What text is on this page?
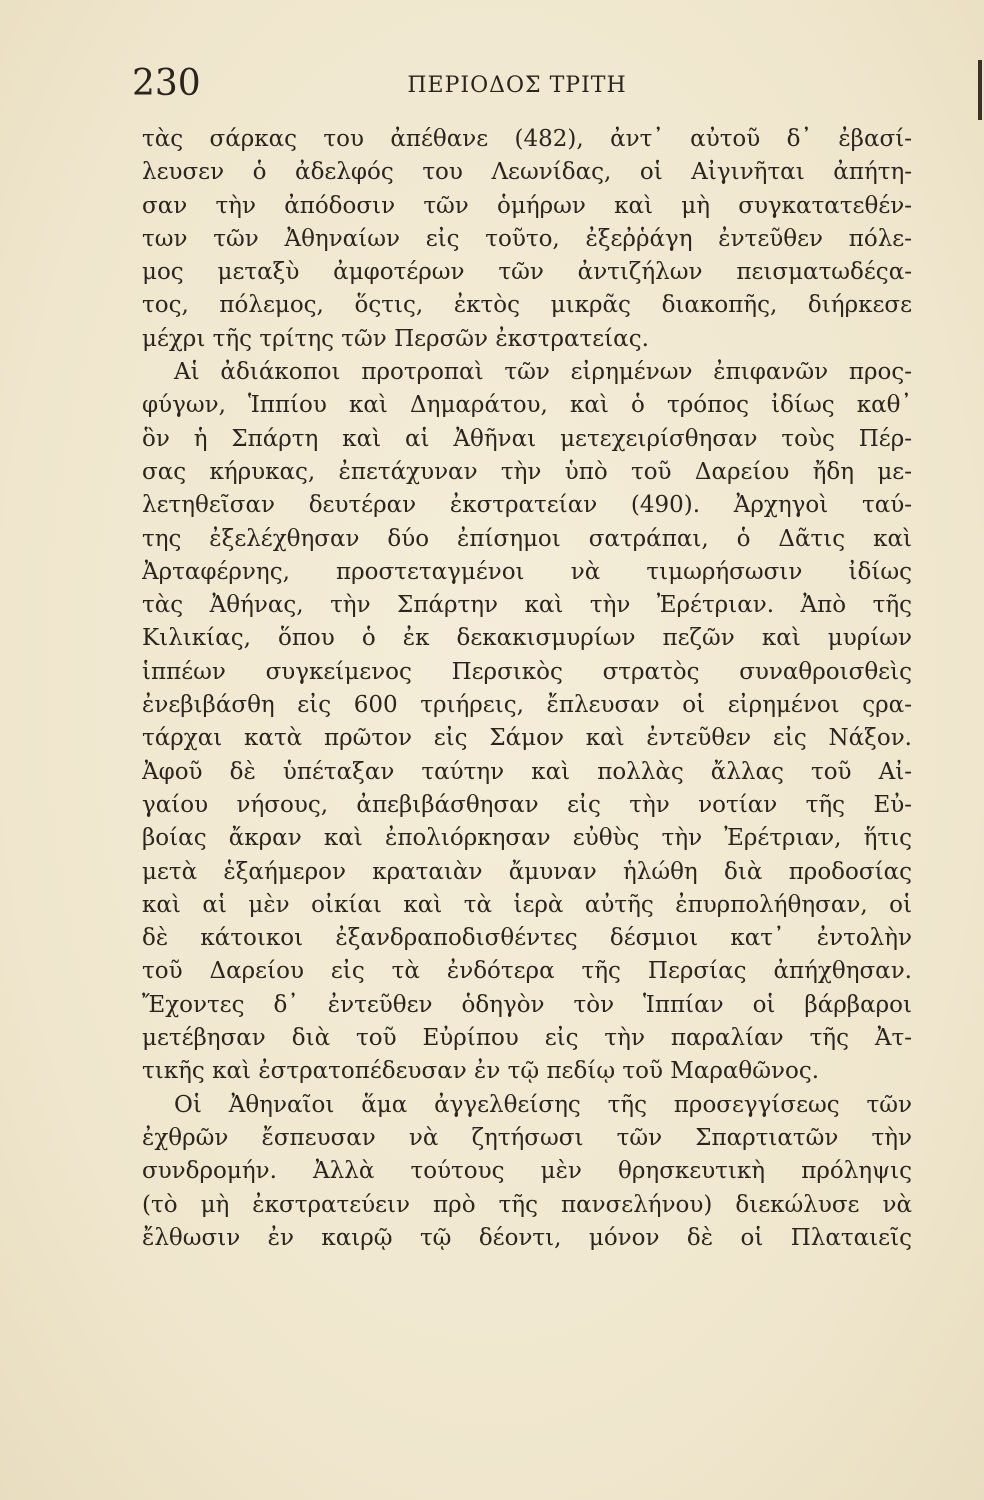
230	ΠΕΡΙΟΔΟΣ ΤΡΙΤΗ
τὰς σάρκας του ἀπέθανε (482), ἀντ᾽ αὐτοῦ δ᾽ ἐβασί-
λευσεν ὁ ἀδελφός του Λεωνίδας, οἱ Αἰγινῆται ἀπήτη-
σαν τὴν ἀπόδοσιν τῶν ὁμήρων καὶ μὴ συγκατατεθέν-
των τῶν Ἀθηναίων εἰς τοῦτο, ἐξεῤῥάγη ἐντεῦθεν πόλε-
μος μεταξὺ ἀμφοτέρων τῶν ἀντιζήλων πεισματωδέςα-
τος, πόλεμος, ὅςτις, ἐκτὸς μικρᾶς διακοπῆς, διήρκεσε
μέχρι τῆς τρίτης τῶν Περσῶν ἐκστρατείας.
Αἱ ἀδιάκοποι προτροπαὶ τῶν εἰρημένων ἐπιφανῶν προς-
φύγων, Ἱππίου καὶ Δημαράτου, καὶ ὁ τρόπος ἰδίως καθ᾽
ὃν ἡ Σπάρτη καὶ αἱ Ἀθῆναι μετεχειρίσθησαν τοὺς Πέρ-
σας κήρυκας, ἐπετάχυναν τὴν ὑπὸ τοῦ Δαρείου ἤδη με-
λετηθεῖσαν δευτέραν ἐκστρατείαν (490). Ἀρχηγοὶ ταύ-
της ἐξελέχθησαν δύο ἐπίσημοι σατράπαι, ὁ Δᾶτις καὶ
Ἀρταφέρνης, προστεταγμένοι νὰ τιμωρήσωσιν ἰδίως
τὰς Ἀθήνας, τὴν Σπάρτην καὶ τὴν Ἐρέτριαν. Ἀπὸ τῆς
Κιλικίας, ὅπου ὁ ἐκ δεκακισμυρίων πεζῶν καὶ μυρίων
ἱππέων συγκείμενος Περσικὸς στρατὸς συναθροισθεὶς
ἐνεβιβάσθη εἰς 600 τριήρεις, ἔπλευσαν οἱ εἰρημένοι ςρα-
τάρχαι κατὰ πρῶτον εἰς Σάμον καὶ ἐντεῦθεν εἰς Νάξον.
Ἀφοῦ δὲ ὑπέταξαν ταύτην καὶ πολλὰς ἄλλας τοῦ Αἰ-
γαίου νήσους, ἀπεβιβάσθησαν εἰς τὴν νοτίαν τῆς Εὐ-
βοίας ἄκραν καὶ ἐπολιόρκησαν εὐθὺς τὴν Ἐρέτριαν, ἥτις
μετὰ ἑξαήμερον κραταιὰν ἄμυναν ἡλώθη διὰ προδοσίας
καὶ αἱ μὲν οἰκίαι καὶ τὰ ἱερὰ αὐτῆς ἐπυρπολήθησαν, οἱ
δὲ κάτοικοι ἐξανδραποδισθέντες δέσμιοι κατ᾽ ἐντολὴν
τοῦ Δαρείου εἰς τὰ ἐνδότερα τῆς Περσίας ἀπήχθησαν.
Ἔχοντες δ᾽ ἐντεῦθεν ὁδηγὸν τὸν Ἱππίαν οἱ βάρβαροι
μετέβησαν διὰ τοῦ Εὐρίπου εἰς τὴν παραλίαν τῆς Ἀτ-
τικῆς καὶ ἐστρατοπέδευσαν ἐν τῷ πεδίῳ τοῦ Μαραθῶνος.
Οἱ Ἀθηναῖοι ἅμα ἀγγελθείσης τῆς προσεγγίσεως τῶν
ἐχθρῶν ἔσπευσαν νὰ ζητήσωσι τῶν Σπαρτιατῶν τὴν
συνδρομήν. Ἀλλὰ τούτους μὲν θρησκευτικὴ πρόληψις
(τὸ μὴ ἐκστρατεύειν πρὸ τῆς πανσελήνου) διεκώλυσε νὰ
ἔλθωσιν ἐν καιρῷ τῷ δέοντι, μόνον δὲ οἱ Πλαταιεῖς
